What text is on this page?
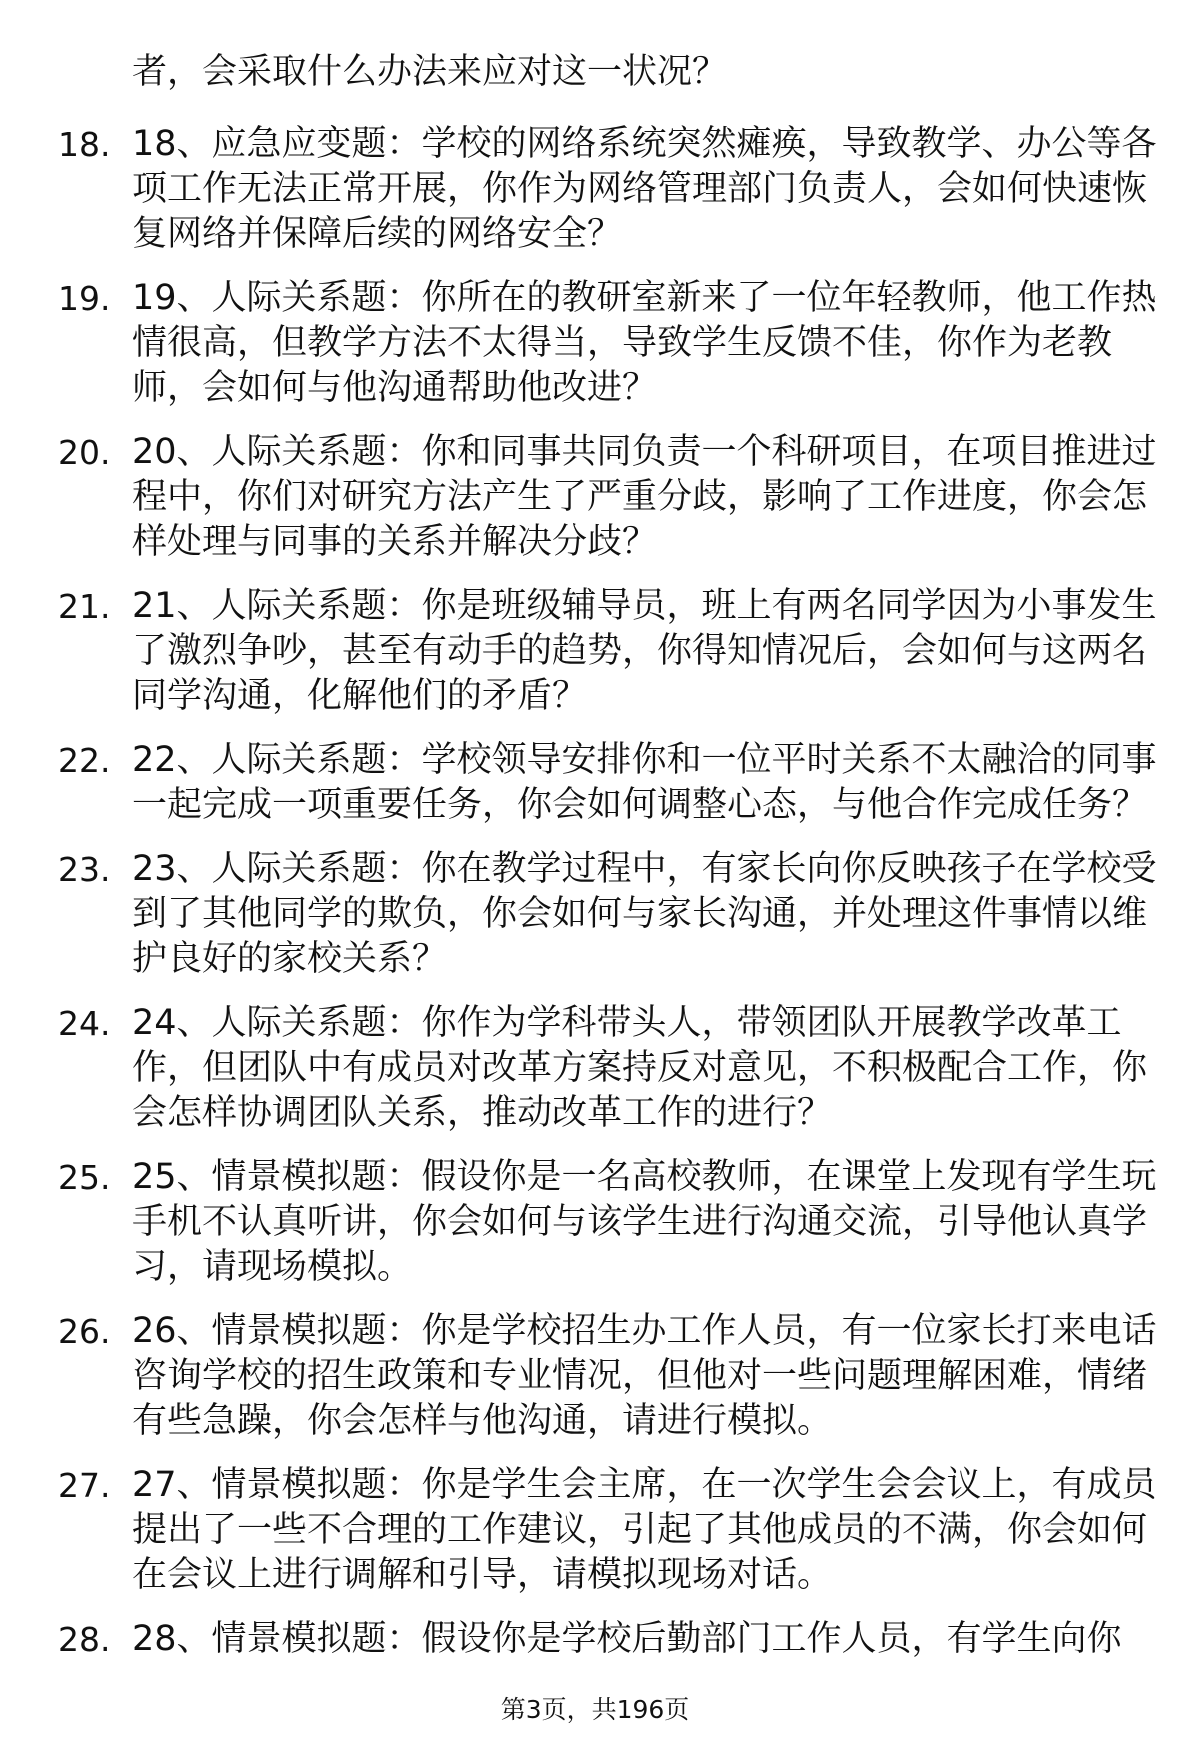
者，会采取什么办法来应对这一状况？
18. 18、应急应变题：学校的网络系统突然瘫痪，导致教学、办公等各项工作无法正常开展，你作为网络管理部门负责人，会如何快速恢复网络并保障后续的网络安全？
19. 19、人际关系题：你所在的教研室新来了一位年轻教师，他工作热情很高，但教学方法不太得当，导致学生反馈不佳，你作为老教师，会如何与他沟通帮助他改进？
20. 20、人际关系题：你和同事共同负责一个科研项目，在项目推进过程中，你们对研究方法产生了严重分歧，影响了工作进度，你会怎样处理与同事的关系并解决分歧？
21. 21、人际关系题：你是班级辅导员，班上有两名同学因为小事发生了激烈争吵，甚至有动手的趋势，你得知情况后，会如何与这两名同学沟通，化解他们的矛盾？
22. 22、人际关系题：学校领导安排你和一位平时关系不太融洽的同事一起完成一项重要任务，你会如何调整心态，与他合作完成任务？
23. 23、人际关系题：你在教学过程中，有家长向你反映孩子在学校受到了其他同学的欺负，你会如何与家长沟通，并处理这件事情以维护良好的家校关系？
24. 24、人际关系题：你作为学科带头人，带领团队开展教学改革工作，但团队中有成员对改革方案持反对意见，不积极配合工作，你会怎样协调团队关系，推动改革工作的进行？
25. 25、情景模拟题：假设你是一名高校教师，在课堂上发现有学生玩手机不认真听讲，你会如何与该学生进行沟通交流，引导他认真学习，请现场模拟。
26. 26、情景模拟题：你是学校招生办工作人员，有一位家长打来电话咨询学校的招生政策和专业情况，但他对一些问题理解困难，情绪有些急躁，你会怎样与他沟通，请进行模拟。
27. 27、情景模拟题：你是学生会主席，在一次学生会会议上，有成员提出了一些不合理的工作建议，引起了其他成员的不满，你会如何在会议上进行调解和引导，请模拟现场对话。
28. 28、情景模拟题：假设你是学校后勤部门工作人员，有学生向你
第3页，共196页
